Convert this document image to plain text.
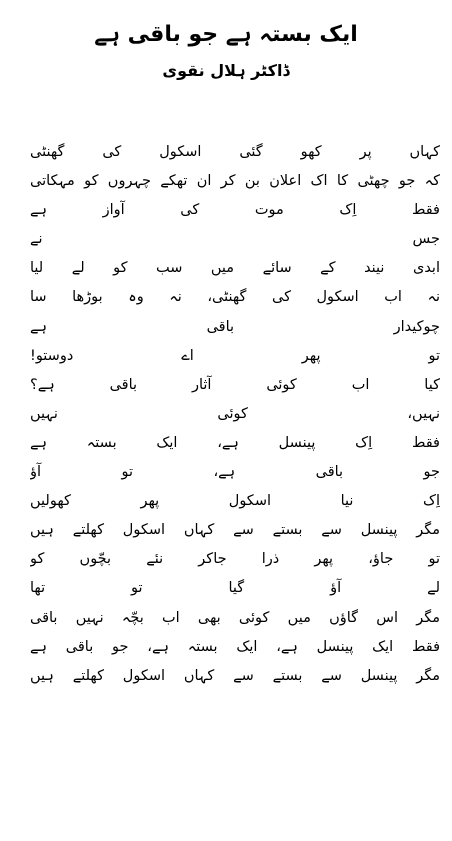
ایک بستہ ہے جو باقی ہے
ڈاکٹر ہلال نقوی
کہاں پر کھو گئی اسکول کی گھنٹی
کہ جو چھٹی کا اک اعلان بن کر ان تھکے چہروں کو مہکاتی
فقط اِک موت کی آواز ہے
جس نے
ابدی نیند کے سائے میں سب کو لے لیا
نہ اب اسکول کی گھنٹی، نہ وہ بوڑھا سا
چوکیدار باقی ہے
تو پھر اے دوستو!
کیا اب کوئی آثار باقی ہے؟
نہیں، کوئی نہیں
فقط اِک پینسل ہے، ایک بستہ ہے
جو باقی ہے، تو آؤ
اِک نیا اسکول پھر کھولیں
مگر پینسل سے بستے سے کہاں اسکول کھلتے ہیں
تو جاؤ، پھر ذرا جاکر نئے بچّوں کو
لے آؤ گیا تو تھا
مگر اس گاؤں میں کوئی بھی اب بچّہ نہیں باقی
فقط ایک پینسل ہے، ایک بستہ ہے، جو باقی ہے
مگر پینسل سے بستے سے کہاں اسکول کھلتے ہیں
